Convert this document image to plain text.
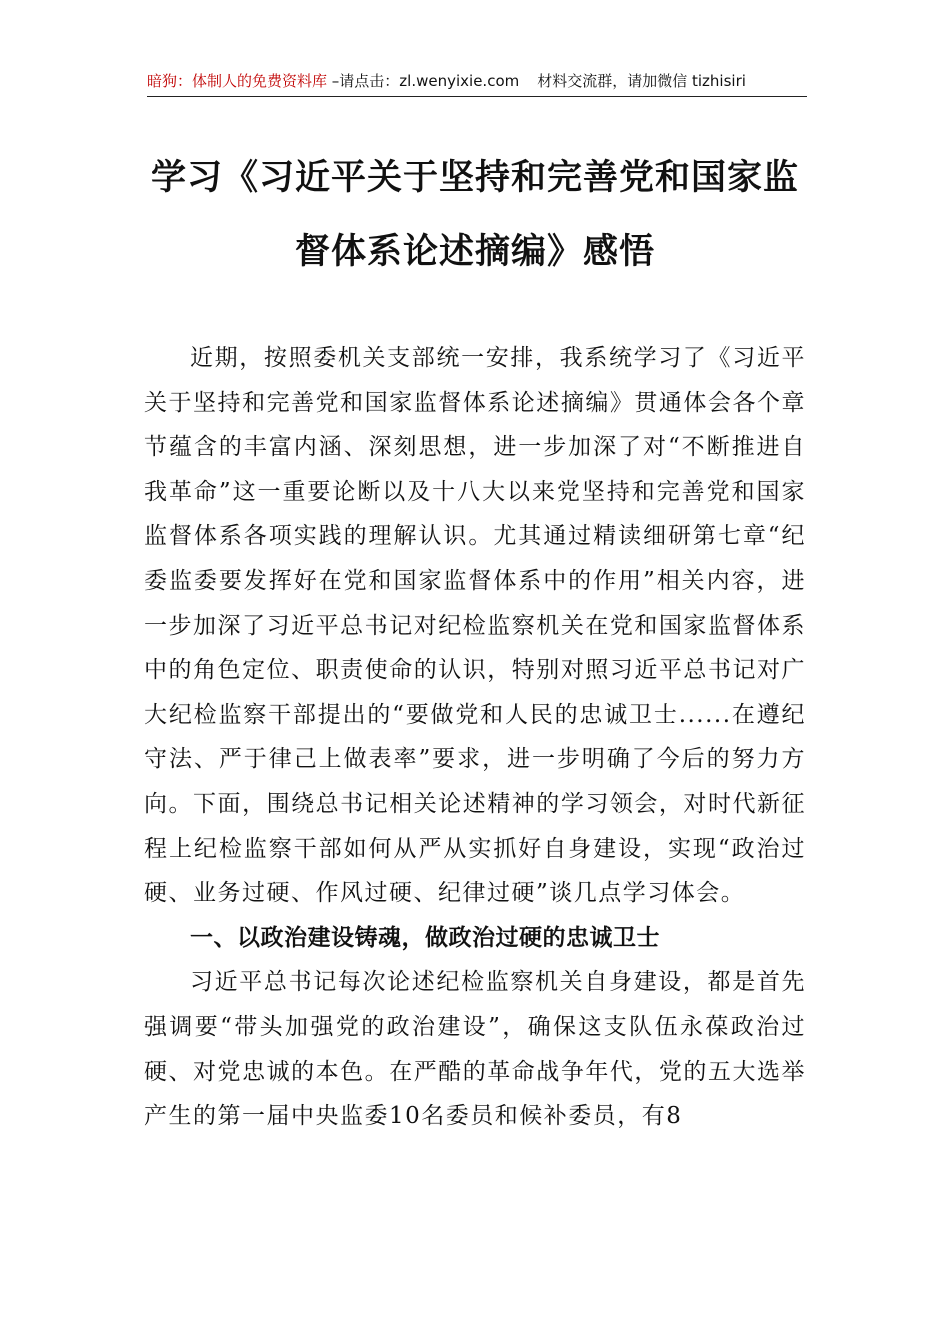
暗狗：体制人的免费资料库 –请点击：zl.wenyixie.com 材料交流群，请加微信 tizhisiri
学习《习近平关于坚持和完善党和国家监
督体系论述摘编》感悟

近期，按照委机关支部统一安排，我系统学习了《习近平关于坚持和完善党和国家监督体系论述摘编》贯通体会各个章节蕴含的丰富内涵、深刻思想，进一步加深了对“不断推进自我革命”这一重要论断以及十八大以来党坚持和完善党和国家监督体系各项实践的理解认识。尤其通过精读细研第七章“纪委监委要发挥好在党和国家监督体系中的作用”相关内容，进一步加深了习近平总书记对纪检监察机关在党和国家监督体系中的角色定位、职责使命的认识，特别对照习近平总书记对广大纪检监察干部提出的“要做党和人民的忠诚卫士......在遵纪守法、严于律己上做表率”要求，进一步明确了今后的努力方向。下面，围绕总书记相关论述精神的学习领会，对时代新征程上纪检监察干部如何从严从实抓好自身建设，实现“政治过硬、业务过硬、作风过硬、纪律过硬”谈几点学习体会。

一、以政治建设铸魂，做政治过硬的忠诚卫士

习近平总书记每次论述纪检监察机关自身建设，都是首先强调要“带头加强党的政治建设”，确保这支队伍永葆政治过硬、对党忠诚的本色。在严酷的革命战争年代，党的五大选举产生的第一届中央监委10名委员和候补委员，有8
